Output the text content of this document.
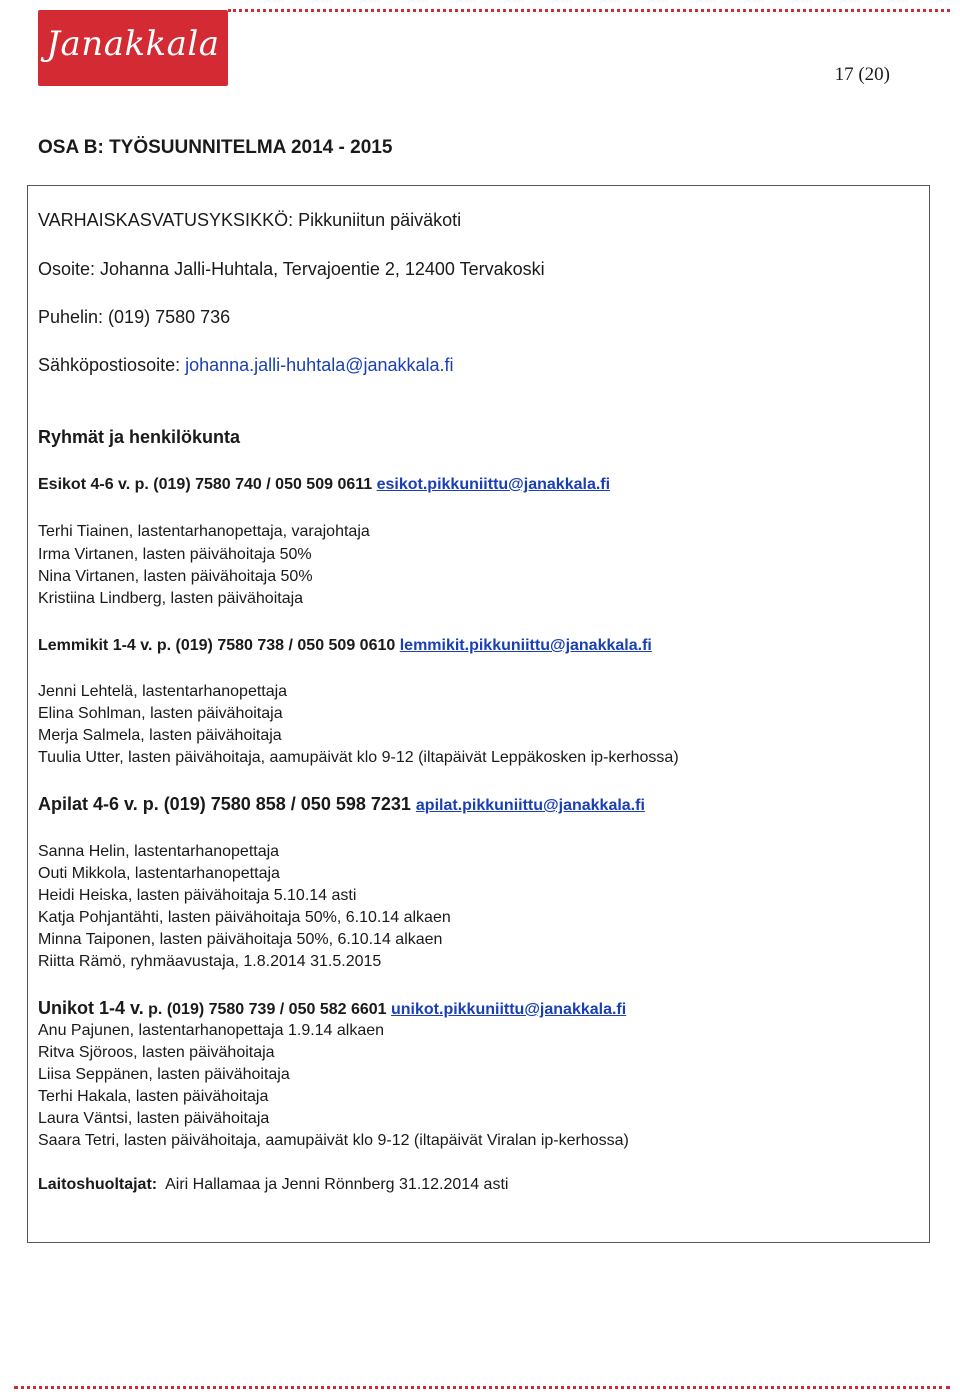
Janakkala
17 (20)
OSA B: TYÖSUUNNITELMA 2014 - 2015
VARHAISKASVATUSYKSIKKÖ: Pikkuniitun päiväkoti
Osoite: Johanna Jalli-Huhtala, Tervajoentie 2, 12400 Tervakoski
Puhelin: (019) 7580 736
Sähköpostiosoite: johanna.jalli-huhtala@janakkala.fi
Ryhmät ja henkilökunta
Esikot 4-6 v. p. (019) 7580 740 / 050 509 0611 esikot.pikkuniittu@janakkala.fi
Terhi Tiainen, lastentarhanopettaja, varajohtaja
Irma Virtanen, lasten päivähoitaja 50%
Nina Virtanen, lasten päivähoitaja 50%
Kristiina Lindberg, lasten päivähoitaja
Lemmikit 1-4 v. p. (019) 7580 738 / 050 509 0610 lemmikit.pikkuniittu@janakkala.fi
Jenni Lehtelä, lastentarhanopettaja
Elina Sohlman, lasten päivähoitaja
Merja Salmela, lasten päivähoitaja
Tuulia Utter, lasten päivähoitaja, aamupäivät klo 9-12 (iltapäivät Leppäkosken ip-kerhossa)
Apilat 4-6 v. p. (019) 7580 858 / 050 598 7231 apilat.pikkuniittu@janakkala.fi
Sanna Helin, lastentarhanopettaja
Outi Mikkola, lastentarhanopettaja
Heidi Heiska, lasten päivähoitaja 5.10.14 asti
Katja Pohjantähti, lasten päivähoitaja 50%, 6.10.14 alkaen
Minna Taiponen, lasten päivähoitaja 50%, 6.10.14 alkaen
Riitta Rämö, ryhmäavustaja, 1.8.2014 31.5.2015
Unikot 1-4 v. p. (019) 7580 739 / 050 582 6601 unikot.pikkuniittu@janakkala.fi
Anu Pajunen, lastentarhanopettaja 1.9.14 alkaen
Ritva Sjöroos, lasten päivähoitaja
Liisa Seppänen, lasten päivähoitaja
Terhi Hakala, lasten päivähoitaja
Laura Väntsi, lasten päivähoitaja
Saara Tetri, lasten päivähoitaja, aamupäivät klo 9-12 (iltapäivät Viralan ip-kerhossa)
Laitoshuoltajat:  Airi Hallamaa ja Jenni Rönnberg 31.12.2014 asti
